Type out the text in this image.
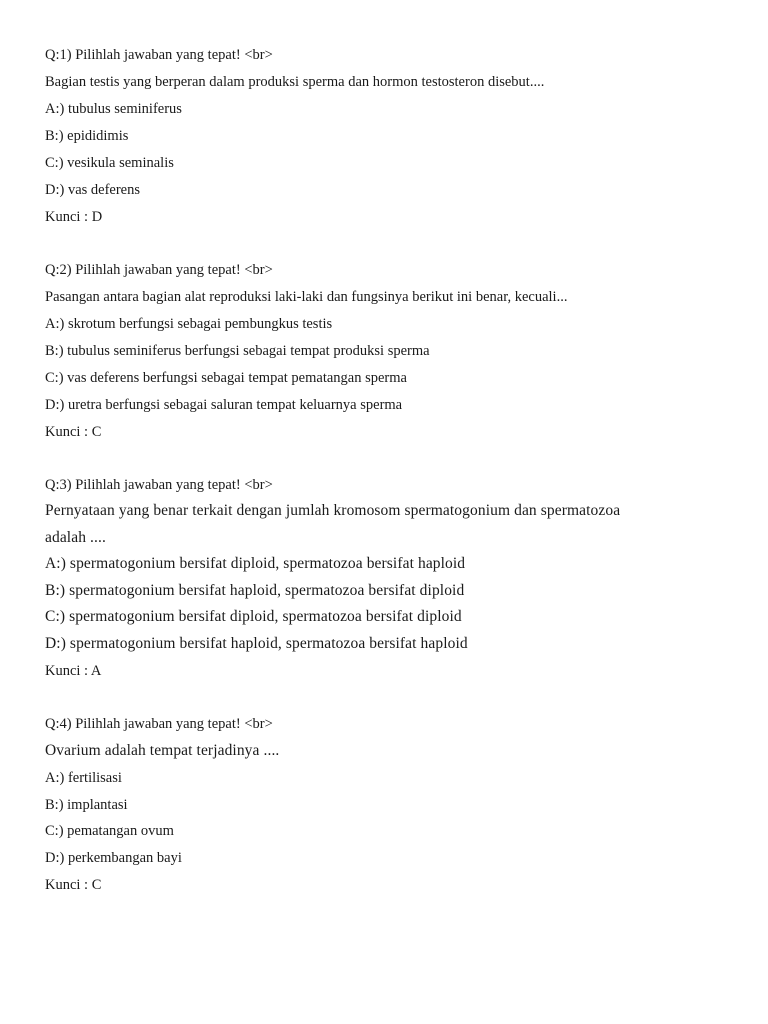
Q:1) Pilihlah jawaban yang tepat! <br>
Bagian testis yang berperan dalam produksi sperma dan hormon testosteron disebut....
A:) tubulus seminiferus
B:) epididimis
C:) vesikula seminalis
D:) vas deferens
Kunci : D
Q:2) Pilihlah jawaban yang tepat! <br>
Pasangan antara bagian alat reproduksi laki-laki dan fungsinya berikut ini benar, kecuali...
A:) skrotum berfungsi sebagai pembungkus testis
B:) tubulus seminiferus berfungsi sebagai tempat produksi sperma
C:) vas deferens berfungsi sebagai tempat pematangan sperma
D:) uretra berfungsi sebagai saluran tempat keluarnya sperma
Kunci : C
Q:3) Pilihlah jawaban yang tepat! <br>
Pernyataan yang benar terkait dengan jumlah kromosom spermatogonium dan spermatozoa
adalah ....
A:) spermatogonium bersifat diploid, spermatozoa bersifat haploid
B:) spermatogonium bersifat haploid, spermatozoa bersifat diploid
C:) spermatogonium bersifat diploid, spermatozoa bersifat diploid
D:) spermatogonium bersifat haploid, spermatozoa bersifat haploid
Kunci : A
Q:4) Pilihlah jawaban yang tepat! <br>
Ovarium adalah tempat terjadinya ....
A:) fertilisasi
B:) implantasi
C:) pematangan ovum
D:) perkembangan bayi
Kunci : C
